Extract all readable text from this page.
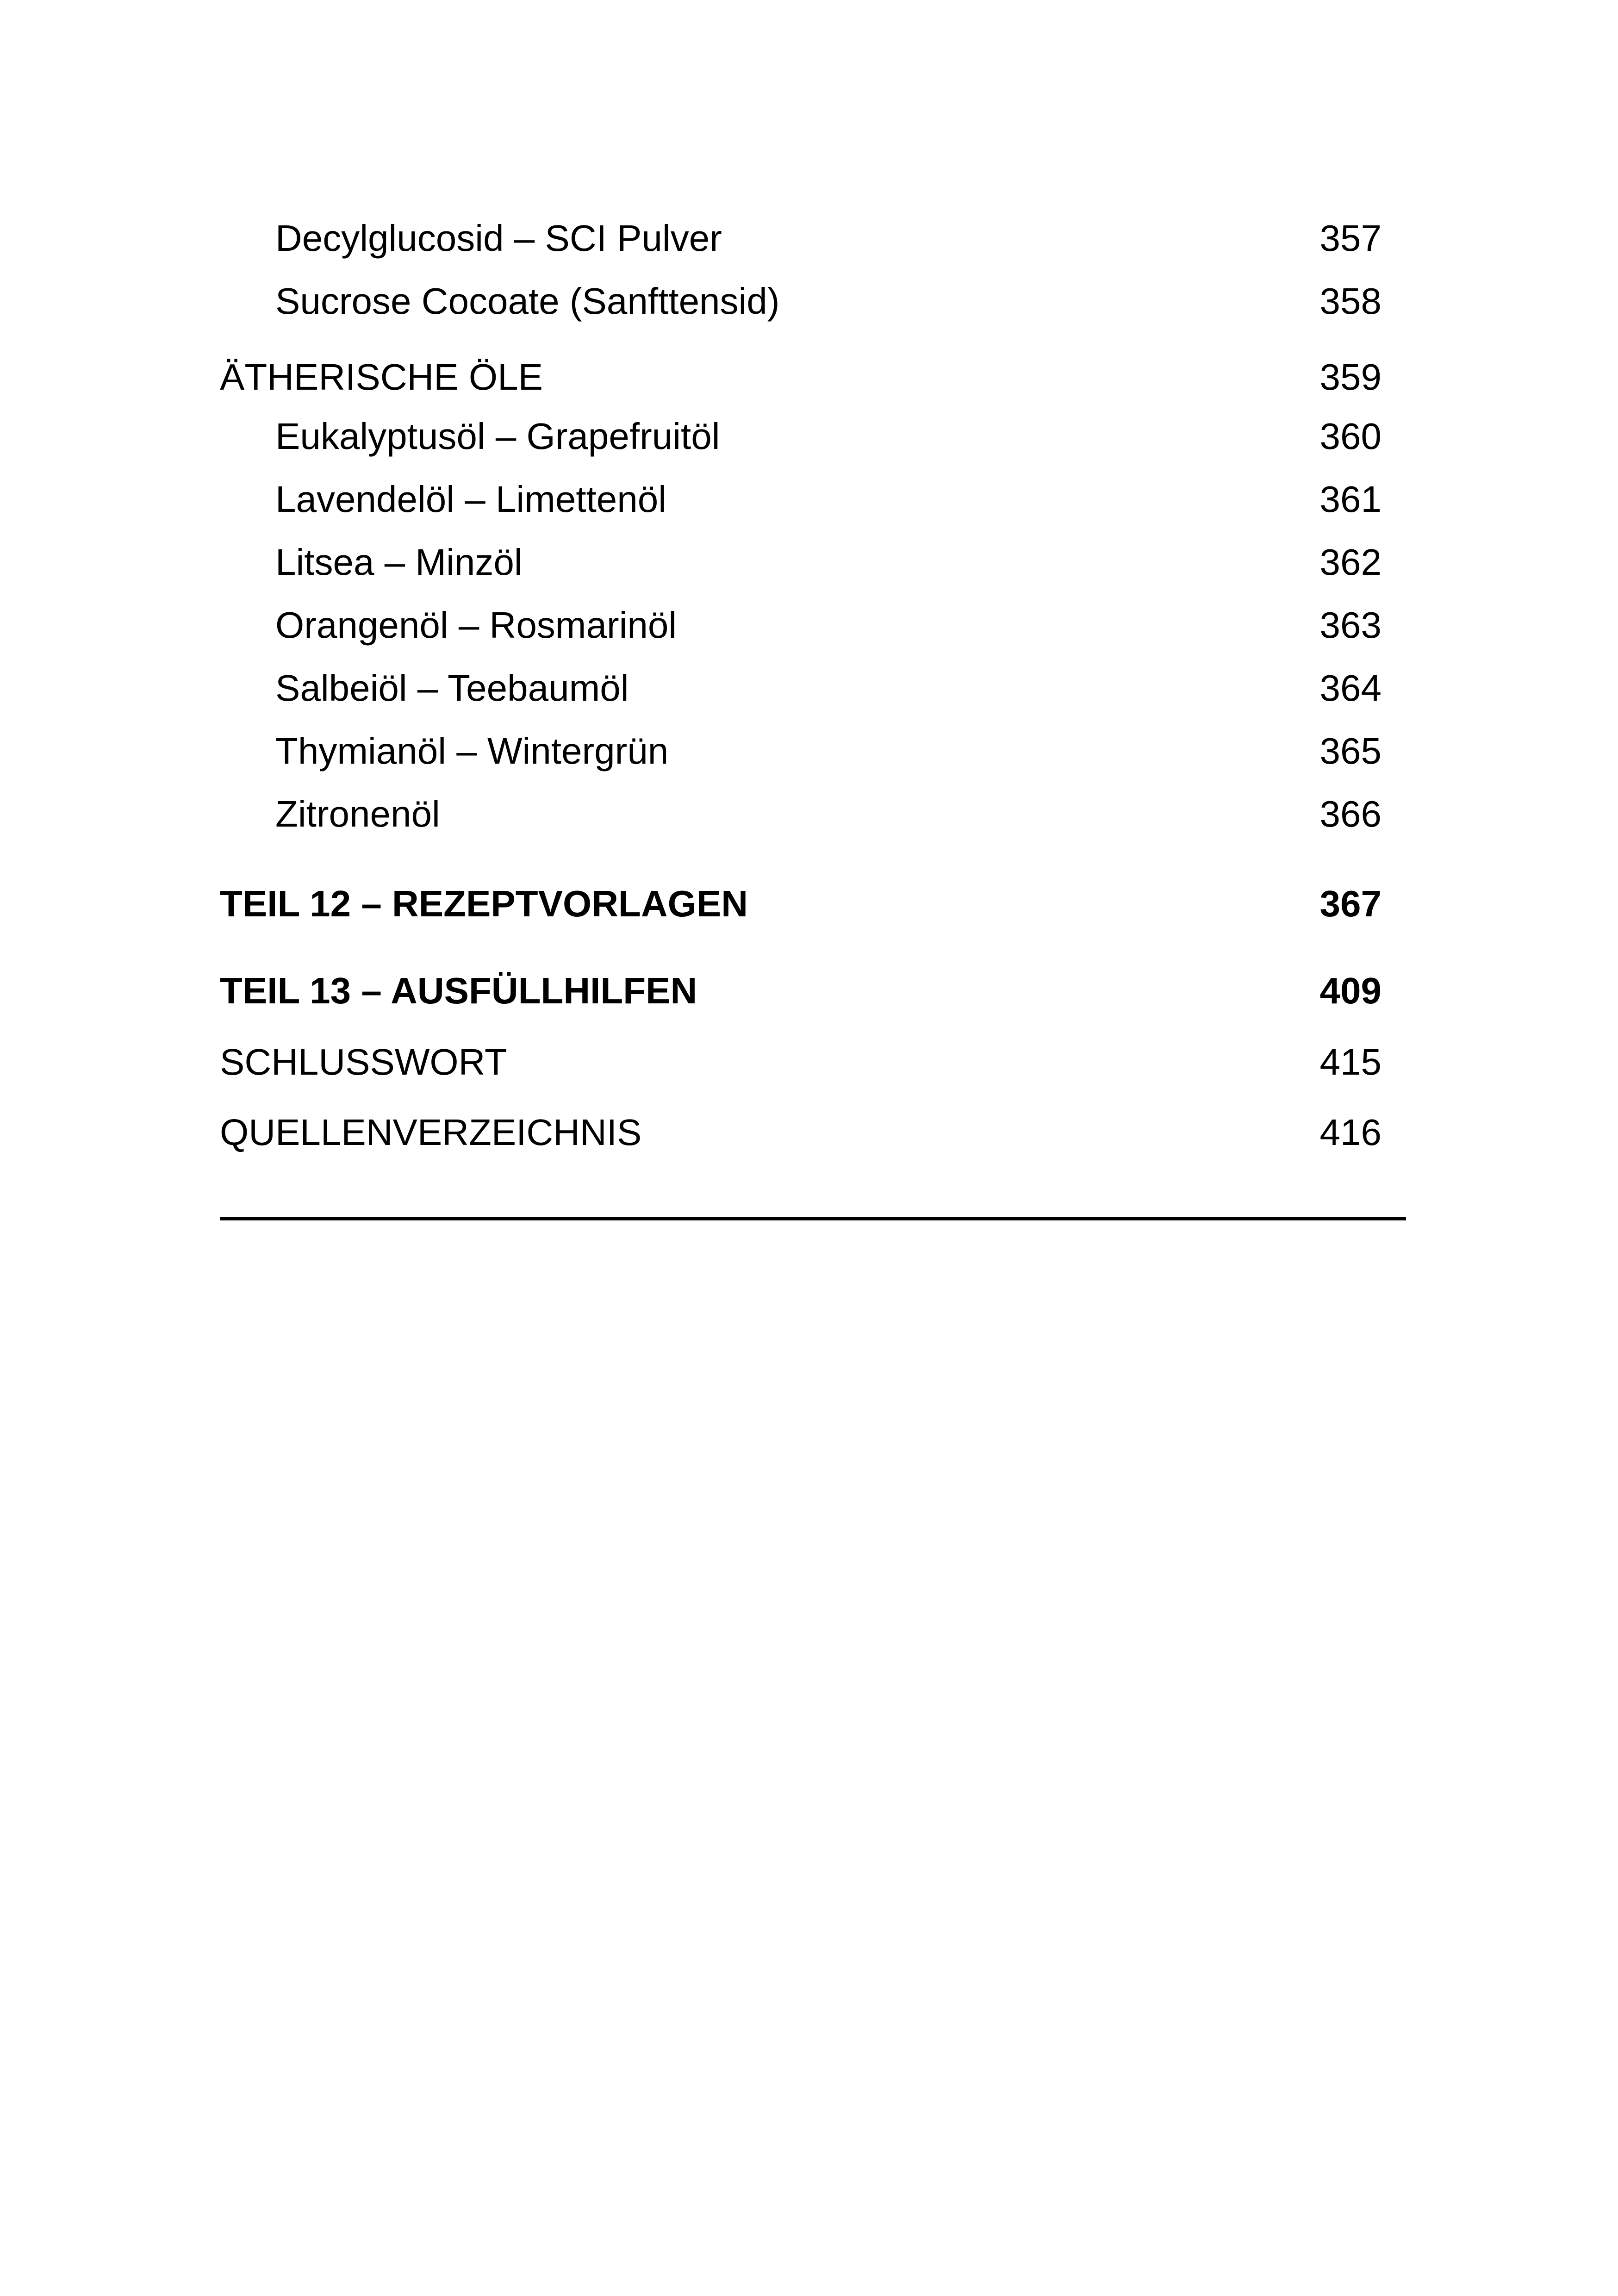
Decylglucosid – SCI Pulver	357
Sucrose Cocoate (Sanfttensid)	358
ÄTHERISCHE ÖLE	359
Eukalyptusöl – Grapefruitöl	360
Lavendelöl – Limettenöl	361
Litsea – Minzöl	362
Orangenöl – Rosmarinöl	363
Salbeiöl – Teebaumöl	364
Thymianöl – Wintergrün	365
Zitronenöl	366
TEIL 12 – REZEPTVORLAGEN	367
TEIL 13 – AUSFÜLLHILFEN	409
SCHLUSSWORT	415
QUELLENVERZEICHNIS	416
